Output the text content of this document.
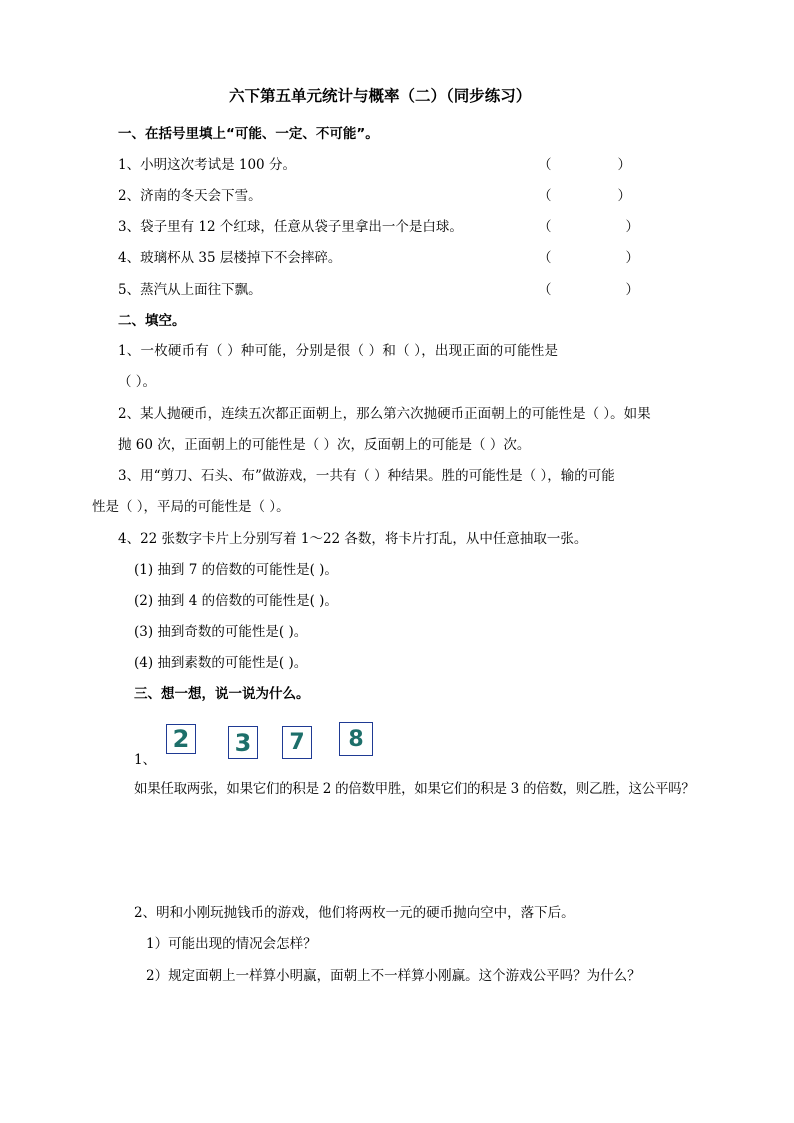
六下第五单元统计与概率（二）（同步练习）
一、在括号里填上“可能、一定、不可能”。
1、小明这次考试是 100 分。	（	）
2、济南的冬天会下雪。	（	）
3、袋子里有 12 个红球，任意从袋子里拿出一个是白球。	（	）
4、玻璃杯从 35 层楼掉下不会摔碎。	（	）
5、蒸汽从上面往下飘。	（	）
二、填空。
1、一枚硬币有（ ）种可能，分别是很（ ）和（ ），出现正面的可能性是
（ ）。
2、某人抛硬币，连续五次都正面朝上，那么第六次抛硬币正面朝上的可能性是（ ）。如果
抛 60 次，正面朝上的可能性是（ ）次，反面朝上的可能是（ ）次。
3、用“剪刀、石头、布”做游戏，一共有（ ）种结果。胜的可能性是（ ），输的可能
性是（ ），平局的可能性是（ ）。
4、22 张数字卡片上分别写着 1～22 各数，将卡片打乱，从中任意抽取一张。
(1) 抽到 7 的倍数的可能性是( )。
(2) 抽到 4 的倍数的可能性是( )。
(3) 抽到奇数的可能性是( )。
(4) 抽到素数的可能性是( )。
三、想一想，说一说为什么。
2 3	7	8
1、
如果任取两张，如果它们的积是 2 的倍数甲胜，如果它们的积是 3 的倍数，则乙胜，这公平吗？
2、明和小刚玩抛钱币的游戏，他们将两枚一元的硬币抛向空中，落下后。
1）可能出现的情况会怎样？
2）规定面朝上一样算小明赢，面朝上不一样算小刚赢。这个游戏公平吗？为什么？
